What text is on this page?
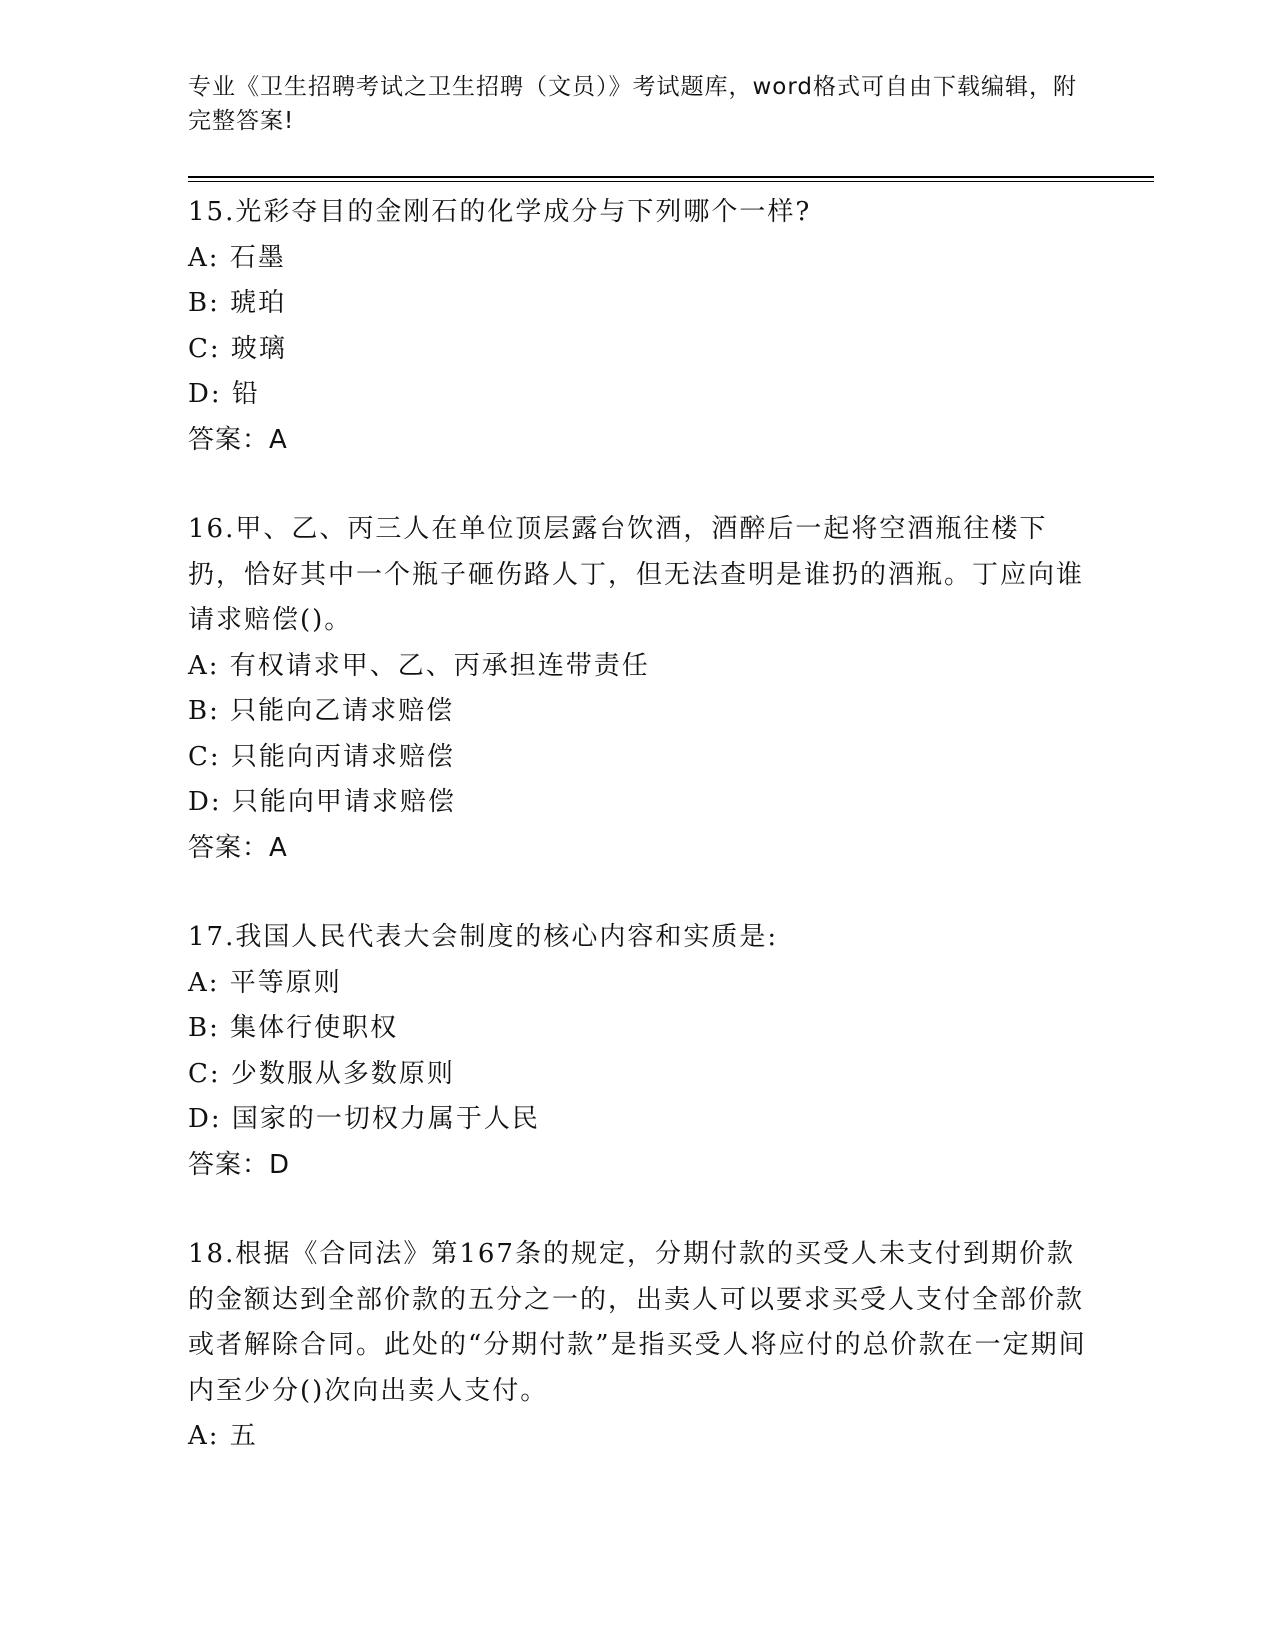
专业《卫生招聘考试之卫生招聘（文员）》考试题库，word格式可自由下载编辑，附完整答案!

15.光彩夺目的金刚石的化学成分与下列哪个一样?

A: 石墨

B: 琥珀

C: 玻璃

D: 铅

答案：A

16.甲、乙、丙三人在单位顶层露台饮酒，酒醉后一起将空酒瓶往楼下扔，恰好其中一个瓶子砸伤路人丁，但无法查明是谁扔的酒瓶。丁应向谁请求赔偿()。

A: 有权请求甲、乙、丙承担连带责任

B: 只能向乙请求赔偿

C: 只能向丙请求赔偿

D: 只能向甲请求赔偿

答案：A

17.我国人民代表大会制度的核心内容和实质是:

A: 平等原则

B: 集体行使职权

C: 少数服从多数原则

D: 国家的一切权力属于人民

答案：D

18.根据《合同法》第167条的规定，分期付款的买受人未支付到期价款的金额达到全部价款的五分之一的，出卖人可以要求买受人支付全部价款或者解除合同。此处的“分期付款”是指买受人将应付的总价款在一定期间内至少分()次向出卖人支付。

A: 五
